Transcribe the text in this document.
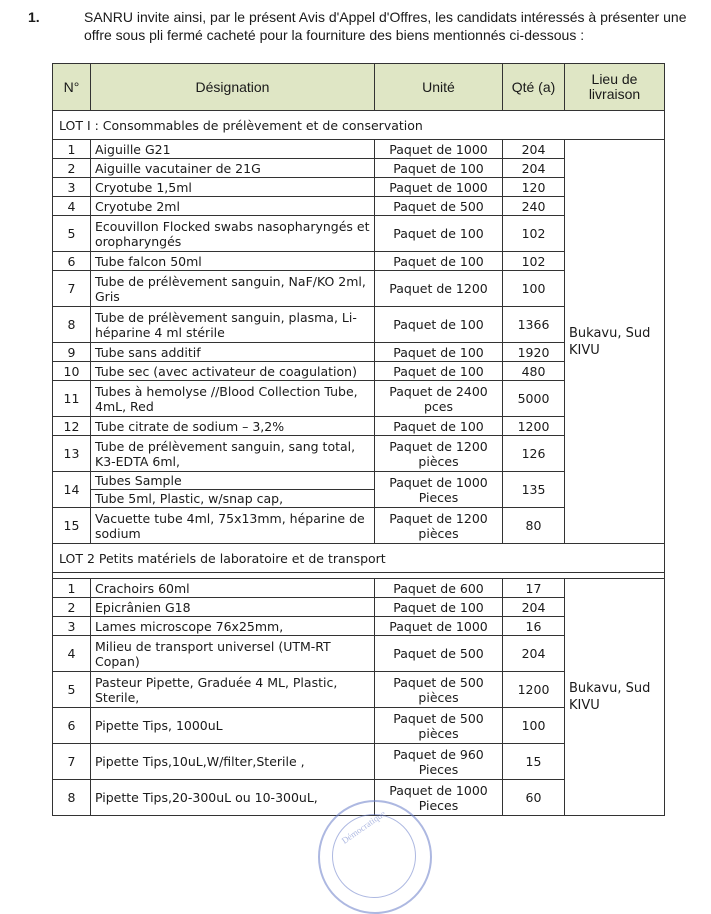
1.	SANRU invite ainsi, par le présent Avis d'Appel d'Offres, les candidats intéressés à présenter une offre sous pli fermé cacheté pour la fourniture des biens mentionnés ci-dessous :
N°	Désignation	Unité	Qté (a)	Lieu de livraison
LOT I : Consommables de prélèvement et de conservation				
1	Aiguille G21	Paquet de 1000	204	Bukavu, Sud KIVU
2	Aiguille vacutainer de 21G	Paquet de 100	204	
3	Cryotube 1,5ml	Paquet de 1000	120	
4	Cryotube 2ml	Paquet de 500	240	
5	Ecouvillon Flocked swabs nasopharyngés et oropharyngés	Paquet de 100	102	
6	Tube falcon 50ml	Paquet de 100	102	
7	Tube de prélèvement sanguin, NaF/KO 2ml, Gris	Paquet de 1200	100	
8	Tube de prélèvement sanguin, plasma, Li-héparine 4 ml stérile	Paquet de 100	1366	
9	Tube sans additif	Paquet de 100	1920	
10	Tube sec (avec activateur de coagulation)	Paquet de 100	480	
11	Tubes à hemolyse //Blood Collection Tube, 4mL, Red	Paquet de 2400 pces	5000	
12	Tube citrate de sodium – 3,2%	Paquet de 100	1200	
13	Tube de prélèvement sanguin, sang total, K3-EDTA 6ml,	Paquet de 1200 pièces	126	
14	Tubes Sample
Tube 5ml, Plastic, w/snap cap,	Paquet de 1000 Pieces	135	
15	Vacuette tube 4ml, 75x13mm, héparine de sodium	Paquet de 1200 pièces	80	
LOT 2 Petits matériels de laboratoire et de transport				

1	Crachoirs 60ml	Paquet de 600	17	Bukavu, Sud KIVU
2	Epicrânien G18	Paquet de 100	204	
3	Lames microscope 76x25mm,	Paquet de 1000	16	
4	Milieu de transport universel (UTM-RT Copan)	Paquet de 500	204	
5	Pasteur Pipette, Graduée 4 ML, Plastic, Sterile,	Paquet de 500 pièces	1200	
6	Pipette Tips, 1000uL	Paquet de 500 pièces	100	
7	Pipette Tips,10uL,W/filter,Sterile ,	Paquet de 960 Pieces	15	
8	Pipette Tips,20-300uL ou 10-300uL,	Paquet de 1000 Pieces	60	
Démocratique
